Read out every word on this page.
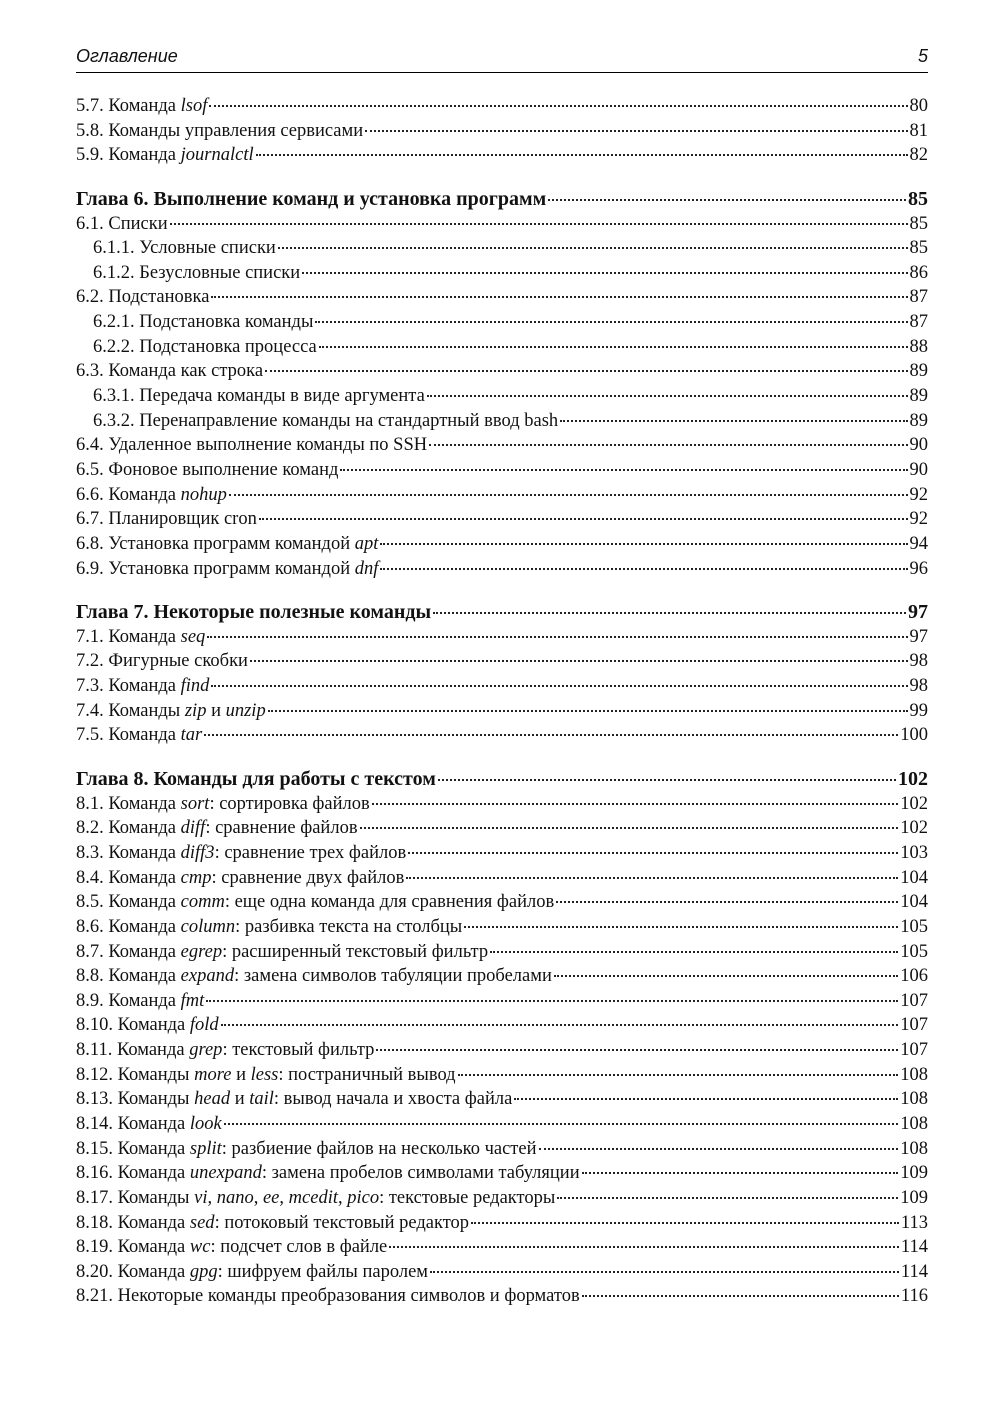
Оглавление	5
5.7. Команда lsof	80
5.8. Команды управления сервисами	81
5.9. Команда journalctl	82
Глава 6. Выполнение команд и установка программ	85
6.1. Списки	85
6.1.1. Условные списки	85
6.1.2. Безусловные списки	86
6.2. Подстановка	87
6.2.1. Подстановка команды	87
6.2.2. Подстановка процесса	88
6.3. Команда как строка	89
6.3.1. Передача команды в виде аргумента	89
6.3.2. Перенаправление команды на стандартный ввод bash	89
6.4. Удаленное выполнение команды по SSH	90
6.5. Фоновое выполнение команд	90
6.6. Команда nohup	92
6.7. Планировщик cron	92
6.8. Установка программ командой apt	94
6.9. Установка программ командой dnf	96
Глава 7. Некоторые полезные команды	97
7.1. Команда seq	97
7.2. Фигурные скобки	98
7.3. Команда find	98
7.4. Команды zip и unzip	99
7.5. Команда tar	100
Глава 8. Команды для работы с текстом	102
8.1. Команда sort: сортировка файлов	102
8.2. Команда diff: сравнение файлов	102
8.3. Команда diff3: сравнение трех файлов	103
8.4. Команда cmp: сравнение двух файлов	104
8.5. Команда comm: еще одна команда для сравнения файлов	104
8.6. Команда column: разбивка текста на столбцы	105
8.7. Команда egrep: расширенный текстовый фильтр	105
8.8. Команда expand: замена символов табуляции пробелами	106
8.9. Команда fmt	107
8.10. Команда fold	107
8.11. Команда grep: текстовый фильтр	107
8.12. Команды more и less: постраничный вывод	108
8.13. Команды head и tail: вывод начала и хвоста файла	108
8.14. Команда look	108
8.15. Команда split: разбиение файлов на несколько частей	108
8.16. Команда unexpand: замена пробелов символами табуляции	109
8.17. Команды vi, nano, ee, mcedit, pico: текстовые редакторы	109
8.18. Команда sed: потоковый текстовый редактор	113
8.19. Команда wc: подсчет слов в файле	114
8.20. Команда gpg: шифруем файлы паролем	114
8.21. Некоторые команды преобразования символов и форматов	116
